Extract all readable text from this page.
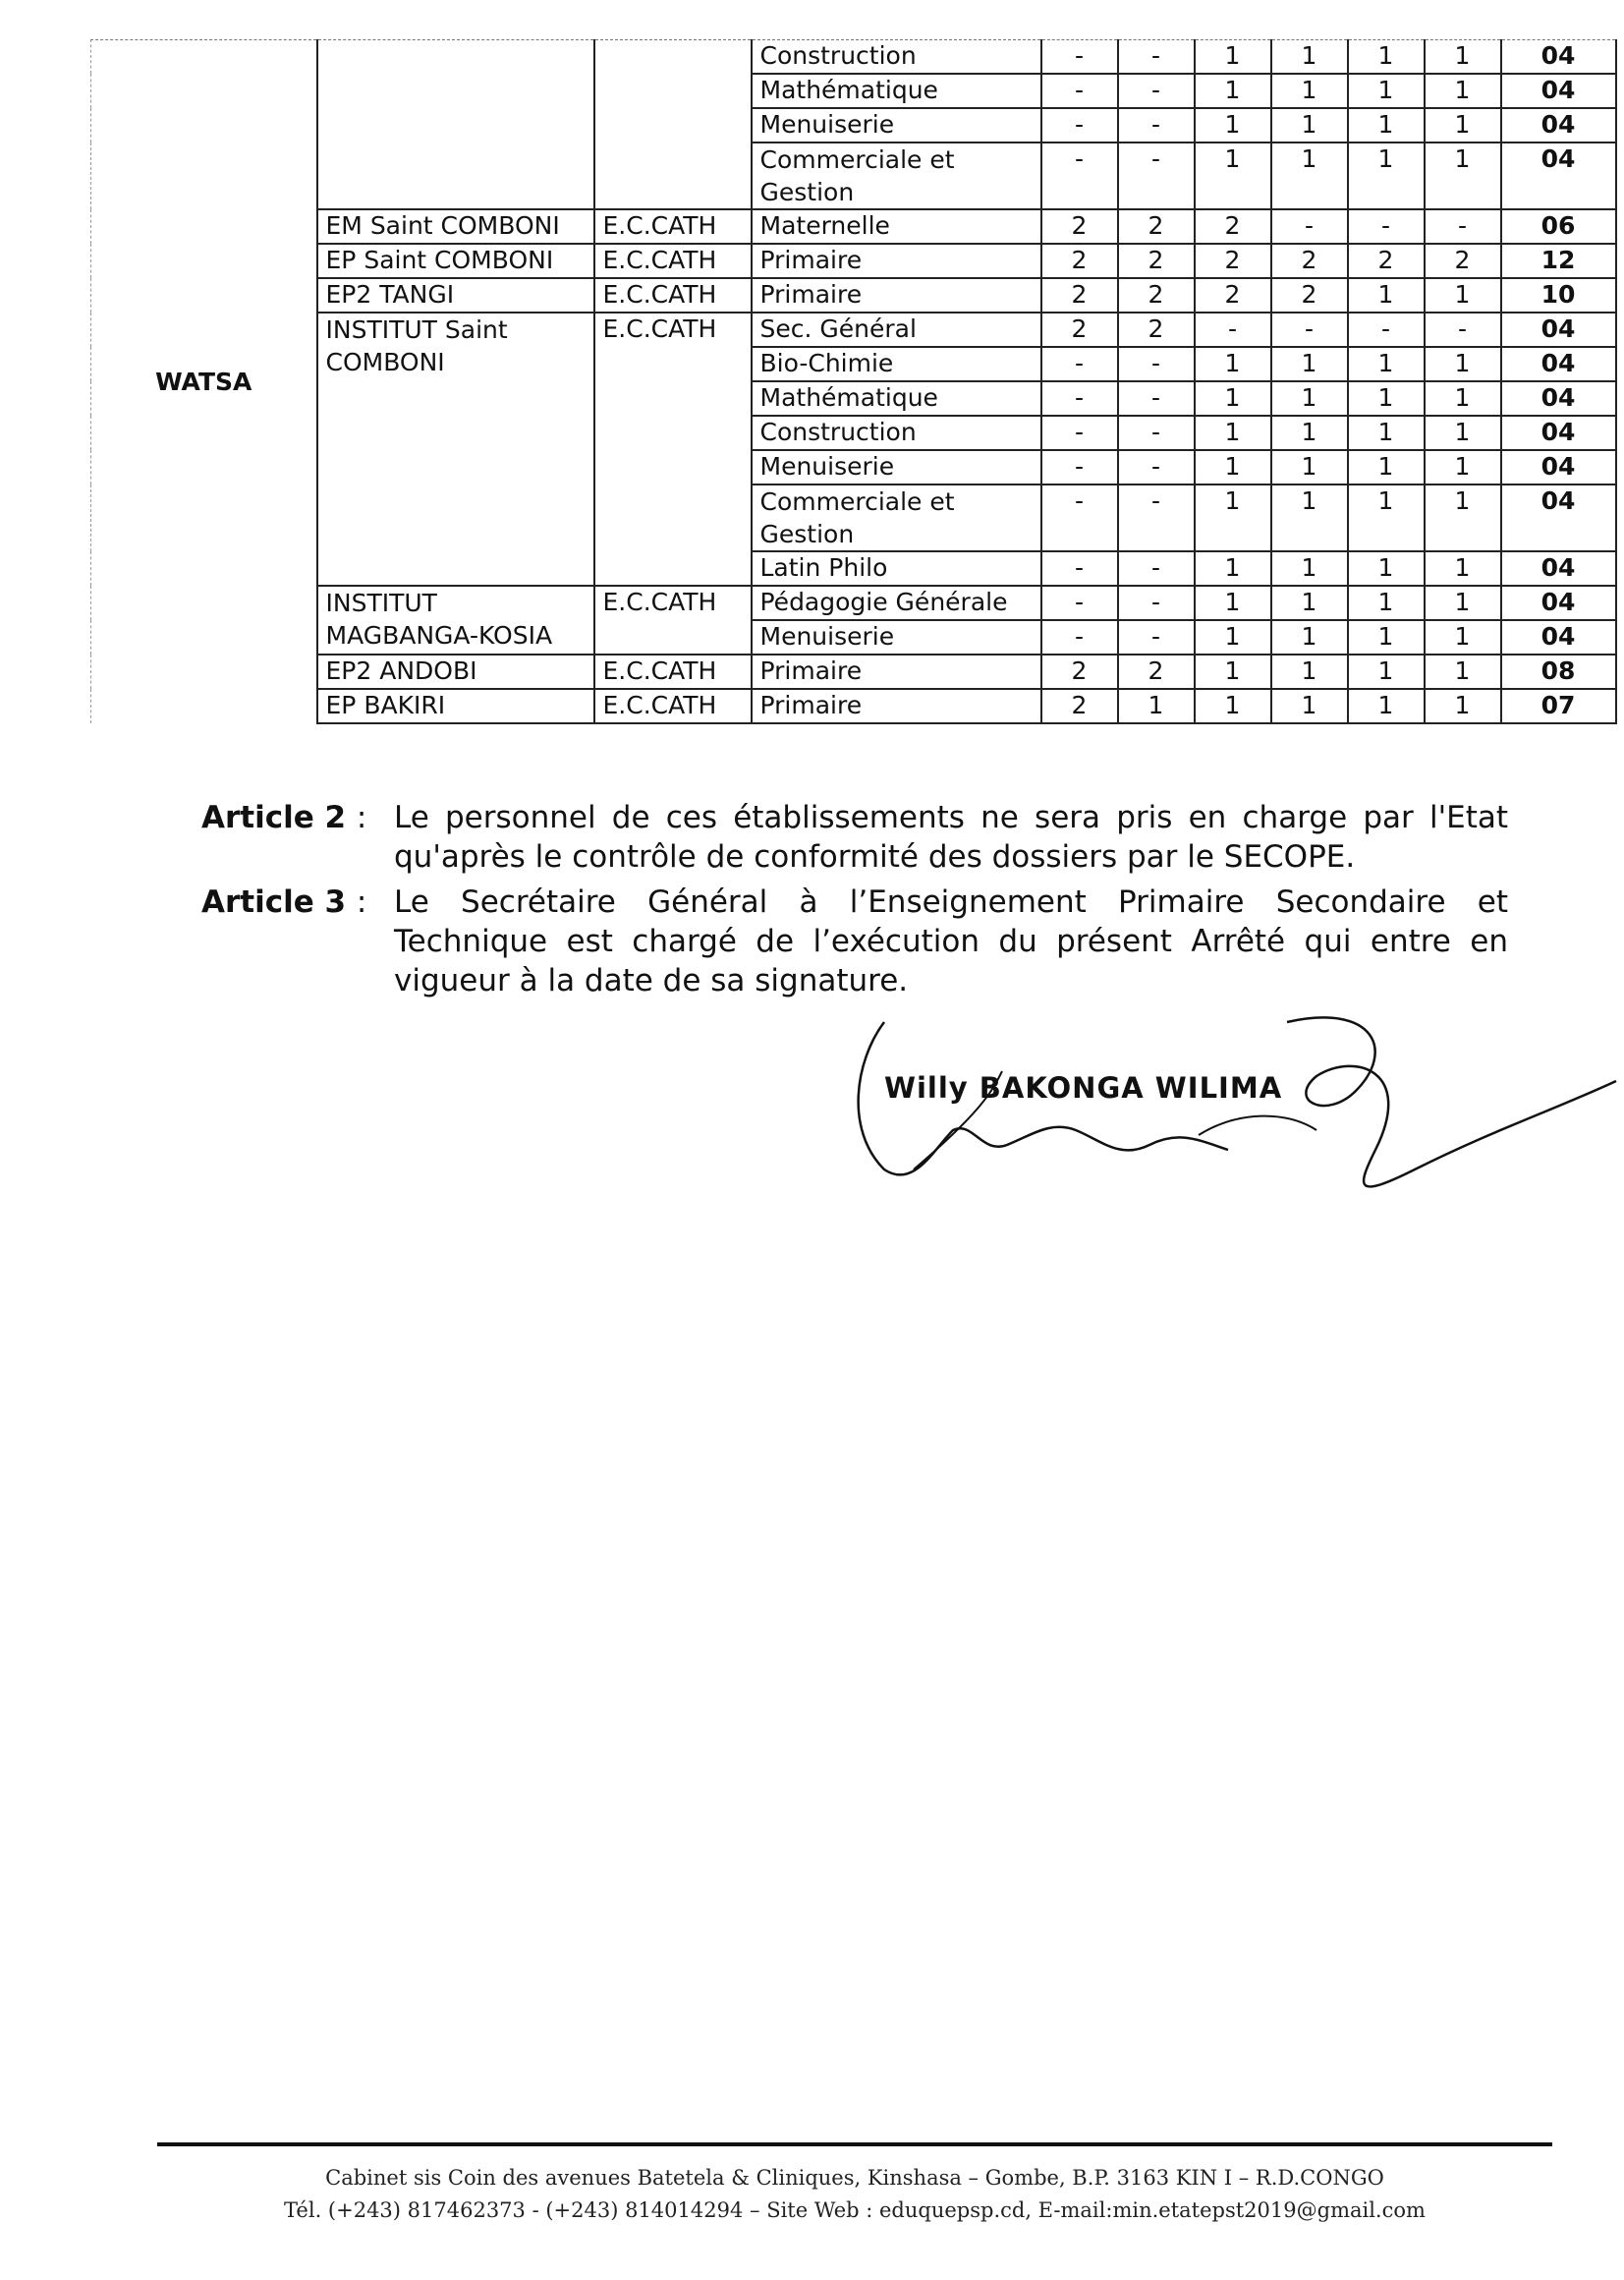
WATSA			Construction	-	-	1	1	1	1	04
			Mathématique	-	-	1	1	1	1	04
			Menuiserie	-	-	1	1	1	1	04
			Commerciale et Gestion	-	-	1	1	1	1	04
	EM Saint COMBONI	E.C.CATH	Maternelle	2	2	2	-	-	-	06
	EP Saint COMBONI	E.C.CATH	Primaire	2	2	2	2	2	2	12
	EP2 TANGI	E.C.CATH	Primaire	2	2	2	2	1	1	10
	INSTITUT Saint COMBONI	E.C.CATH	Sec. Général	2	2	-	-	-	-	04
			Bio-Chimie	-	-	1	1	1	1	04
			Mathématique	-	-	1	1	1	1	04
			Construction	-	-	1	1	1	1	04
			Menuiserie	-	-	1	1	1	1	04
			Commerciale et Gestion	-	-	1	1	1	1	04
			Latin Philo	-	-	1	1	1	1	04
	INSTITUT MAGBANGA-KOSIA	E.C.CATH	Pédagogie Générale	-	-	1	1	1	1	04
			Menuiserie	-	-	1	1	1	1	04
	EP2 ANDOBI	E.C.CATH	Primaire	2	2	1	1	1	1	08
	EP BAKIRI	E.C.CATH	Primaire	2	1	1	1	1	1	07
Article 2 : Le personnel de ces établissements ne sera pris en charge par l'Etat qu'après le contrôle de conformité des dossiers par le SECOPE.
Article 3 : Le Secrétaire Général à l’Enseignement Primaire Secondaire et Technique est chargé de l’exécution du présent Arrêté qui entre en vigueur à la date de sa signature.
Willy BAKONGA WILIMA
Cabinet sis Coin des avenues Batetela & Cliniques, Kinshasa – Gombe, B.P. 3163 KIN I – R.D.CONGO
Tél. (+243) 817462373 - (+243) 814014294 – Site Web : eduquepsp.cd, E-mail:min.etatepst2019@gmail.com
